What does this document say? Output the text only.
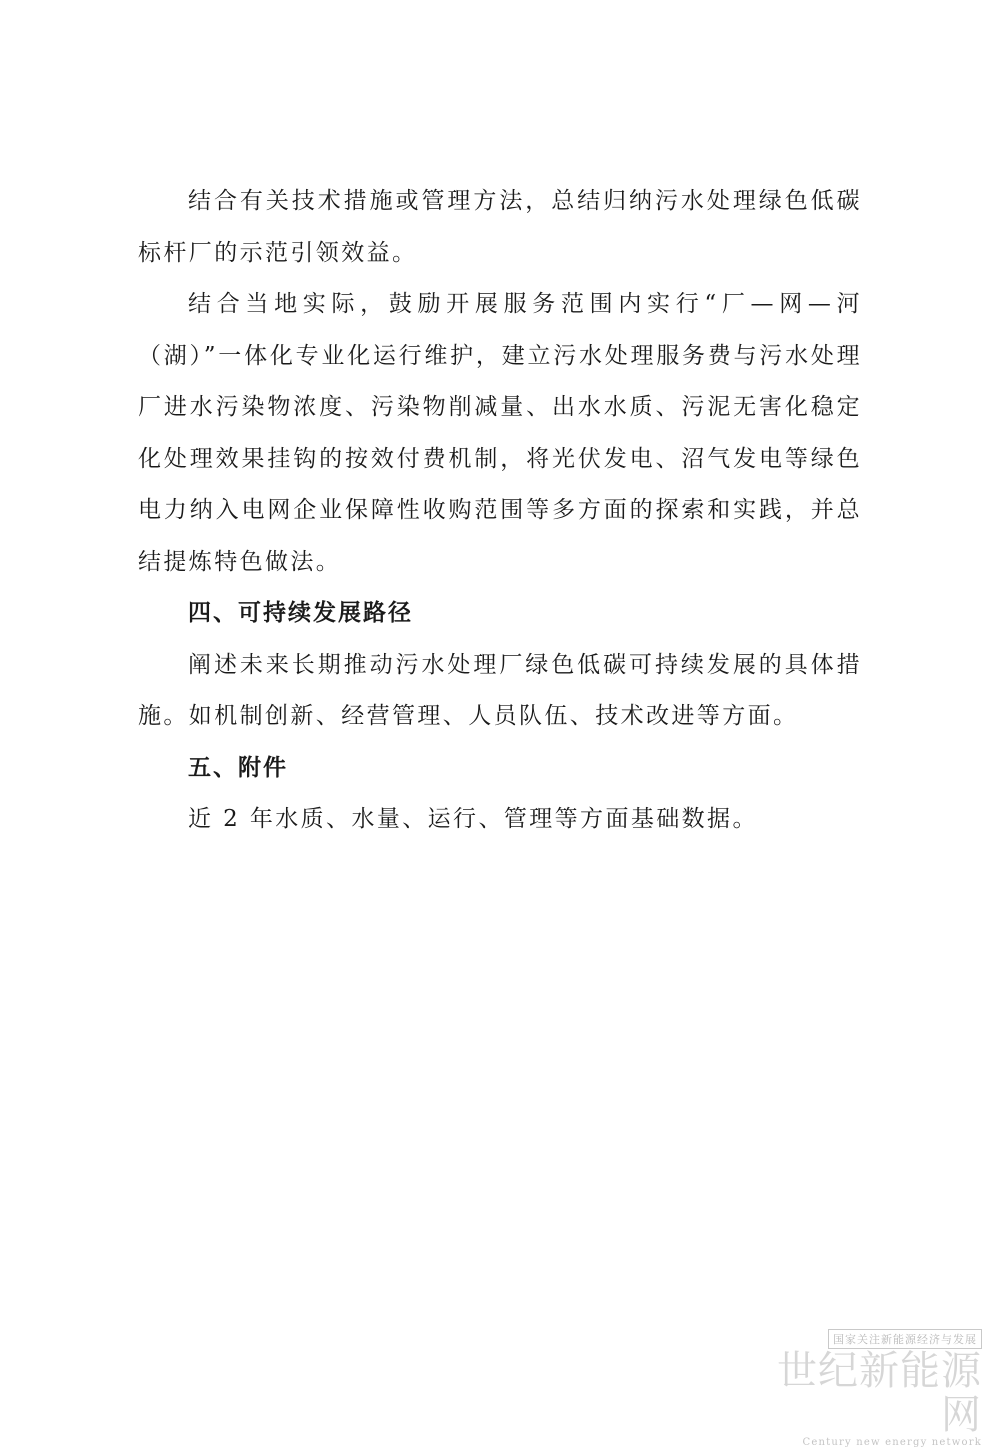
结合有关技术措施或管理方法，总结归纳污水处理绿色低碳标杆厂的示范引领效益。

结合当地实际，鼓励开展服务范围内实行“厂—网—河（湖）”一体化专业化运行维护，建立污水处理服务费与污水处理厂进水污染物浓度、污染物削减量、出水水质、污泥无害化稳定化处理效果挂钩的按效付费机制，将光伏发电、沼气发电等绿色电力纳入电网企业保障性收购范围等多方面的探索和实践，并总结提炼特色做法。

四、可持续发展路径

阐述未来长期推动污水处理厂绿色低碳可持续发展的具体措施。如机制创新、经营管理、人员队伍、技术改进等方面。

五、附件

近 2 年水质、水量、运行、管理等方面基础数据。

国家关注新能源经济与发展
世纪新能源网
Century new energy network
